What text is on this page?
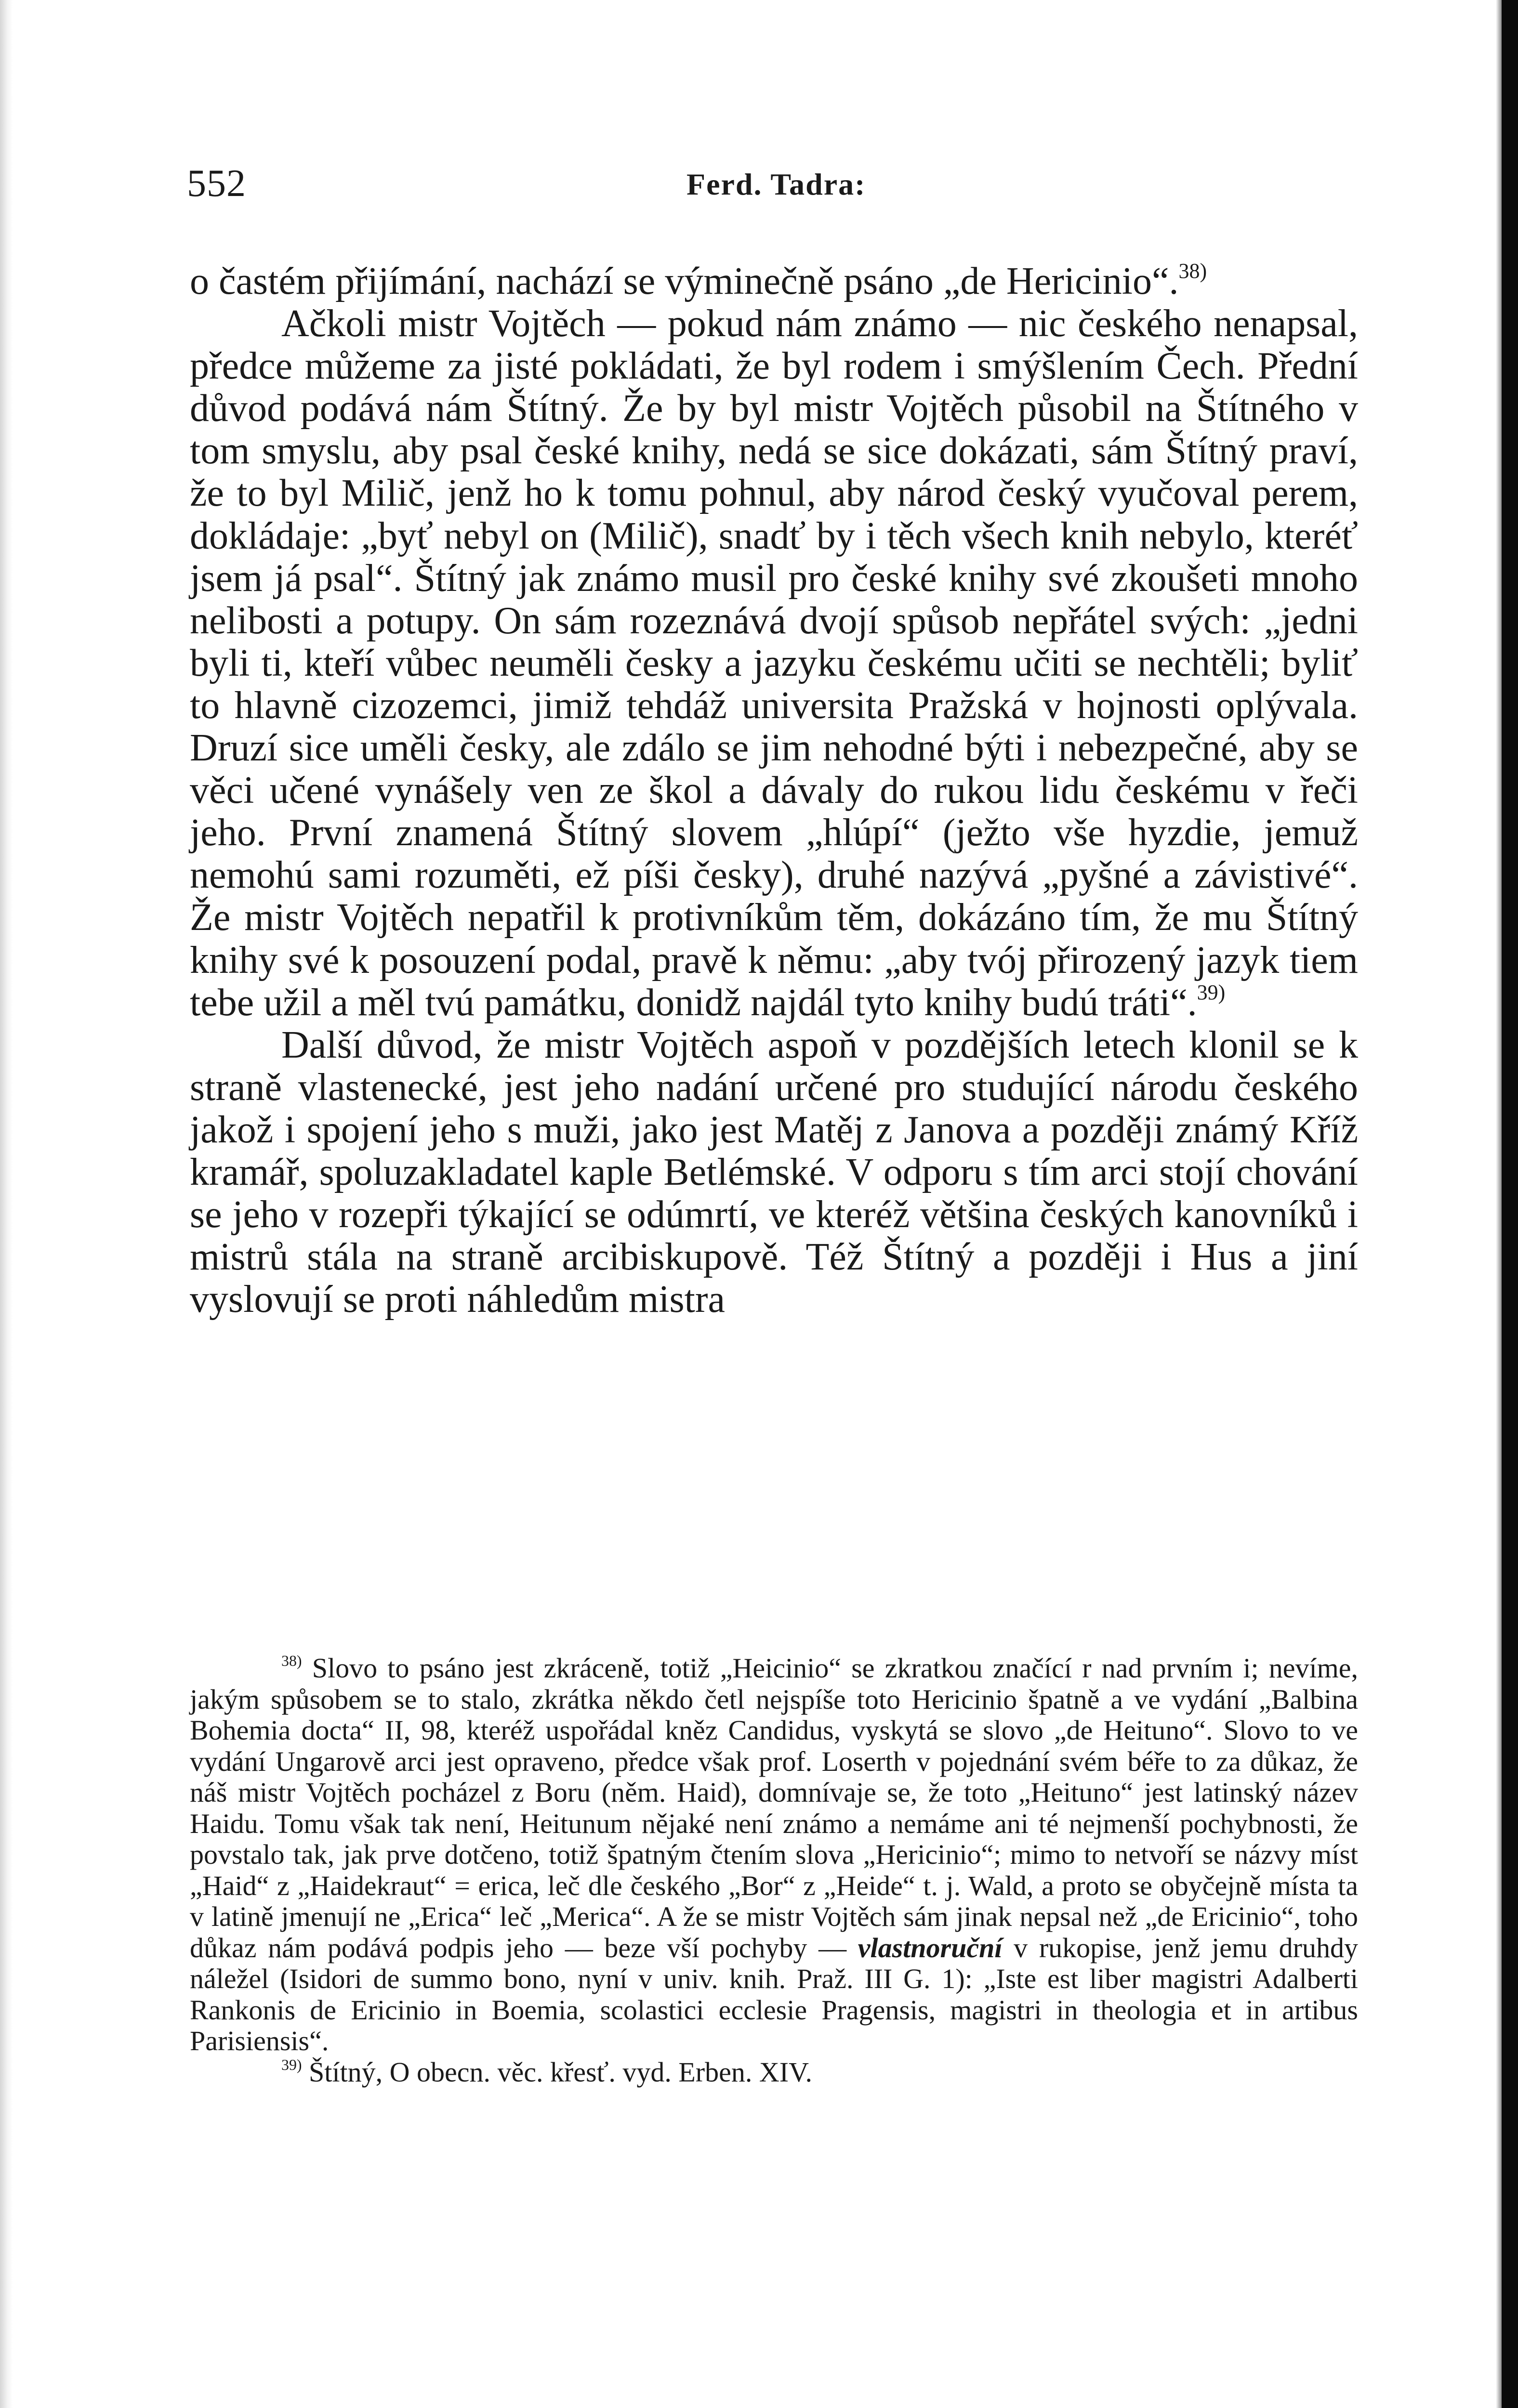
552	Ferd. Tadra:

o častém přijímání, nachází se výminečně psáno „de Hericinio“.$^{38)}$

Ačkoli mistr Vojtěch — pokud nám známo — nic českého nenapsal, předce můžeme za jisté pokládati, že byl rodem i smýšlením Čech. Přední důvod podává nám Štítný. Že by byl mistr Vojtěch působil na Štítného v tom smyslu, aby psal české knihy, nedá se sice dokázati, sám Štítný praví, že to byl Milič, jenž ho k tomu pohnul, aby národ český vyučoval perem, dokládaje: „byť nebyl on (Milič), snadť by i těch všech knih nebylo, kteréť jsem já psal“. Štítný jak známo musil pro české knihy své zkoušeti mnoho nelibosti a potupy. On sám rozeznává dvojí spůsob nepřátel svých: „jedni byli ti, kteří vůbec neuměli česky a jazyku českému učiti se nechtěli; byliť to hlavně cizozemci, jimiž tehdáž universita Pražská v hojnosti oplývala. Druzí sice uměli česky, ale zdálo se jim nehodné býti i nebezpečné, aby se věci učené vynášely ven ze škol a dávaly do rukou lidu českému v řeči jeho. První znamená Štítný slovem „hlúpí“ (ježto vše hyzdie, jemuž nemohú sami rozuměti, ež píši česky), druhé nazývá „pyšné a závistivé“. Že mistr Vojtěch nepatřil k protivníkům těm, dokázáno tím, že mu Štítný knihy své k posouzení podal, pravě k němu: „aby tvój přirozený jazyk tiem tebe užil a měl tvú památku, donidž najdál tyto knihy budú tráti“.$^{39)}$

Další důvod, že mistr Vojtěch aspoň v pozdějších letech klonil se k straně vlastenecké, jest jeho nadání určené pro studující národu českého jakož i spojení jeho s muži, jako jest Matěj z Janova a později známý Kříž kramář, spoluzakladatel kaple Betlémské. V odporu s tím arci stojí chování se jeho v rozepři týkající se odúmrtí, ve kteréž většina českých kanovníků i mistrů stála na straně arcibiskupově. Též Štítný a později i Hus a jiní vyslovují se proti náhledům mistra

$^{38)}$ Slovo to psáno jest zkráceně, totiž „Heicinio“ se zkratkou značící r nad prvním i; nevíme, jakým spůsobem se to stalo, zkrátka někdo četl nejspíše toto Hericinio špatně a ve vydání „Balbina Bohemia docta“ II, 98, kteréž uspořádal kněz Candidus, vyskytá se slovo „de Heituno“. Slovo to ve vydání Ungarově arci jest opraveno, předce však prof. Loserth v pojednání svém béře to za důkaz, že náš mistr Vojtěch pocházel z Boru (něm. Haid), domnívaje se, že toto „Heituno“ jest latinský název Haidu. Tomu však tak není, Heitunum nějaké není známo a nemáme ani té nejmenší pochybnosti, že povstalo tak, jak prve dotčeno, totiž špatným čtením slova „Hericinio“; mimo to netvoří se názvy míst „Haid“ z „Haidekraut“ = erica, leč dle českého „Bor“ z „Heide“ t. j. Wald, a proto se obyčejně místa ta v latině jmenují ne „Erica“ leč „Merica“. A že se mistr Vojtěch sám jinak nepsal než „de Ericinio“, toho důkaz nám podává podpis jeho — beze vší pochyby — vlastnoruční v rukopise, jenž jemu druhdy náležel (Isidori de summo bono, nyní v univ. knih. Praž. III G. 1): „Iste est liber magistri Adalberti Rankonis de Ericinio in Boemia, scolastici ecclesie Pragensis, magistri in theologia et in artibus Parisiensis“.

$^{39)}$ Štítný, O obecn. věc. křesť. vyd. Erben. XIV.
